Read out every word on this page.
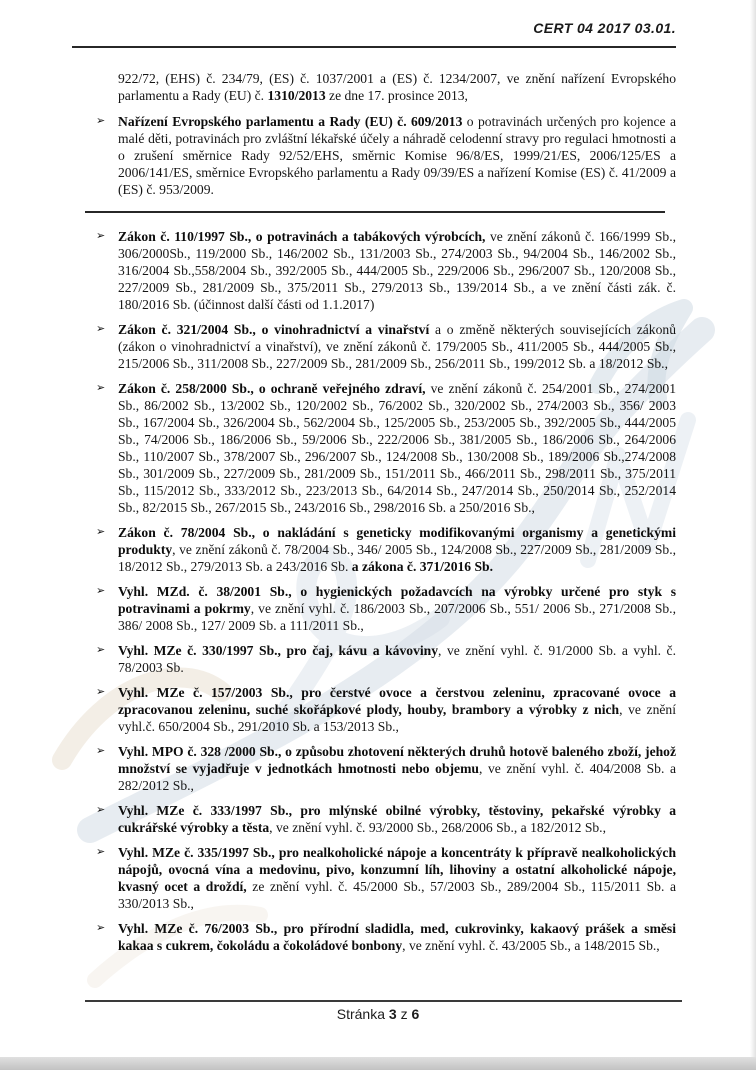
CERT 04 2017 03.01.

922/72, (EHS) č. 234/79, (ES) č. 1037/2001 a (ES) č. 1234/2007, ve znění nařízení Evropského parlamentu a Rady (EU) č. 1310/2013 ze dne 17. prosince 2013,

➢ Nařízení Evropského parlamentu a Rady (EU) č. 609/2013 o potravinách určených pro kojence a malé děti, potravinách pro zvláštní lékařské účely a náhradě celodenní stravy pro regulaci hmotnosti a o zrušení směrnice Rady 92/52/EHS, směrnic Komise 96/8/ES, 1999/21/ES, 2006/125/ES a 2006/141/ES, směrnice Evropského parlamentu a Rady 09/39/ES a nařízení Komise (ES) č. 41/2009 a (ES) č. 953/2009.
➢ Zákon č. 110/1997 Sb., o potravinách a tabákových výrobcích, ve znění zákonů č. 166/1999 Sb., 306/2000Sb., 119/2000 Sb., 146/2002 Sb., 131/2003 Sb., 274/2003 Sb., 94/2004 Sb., 146/2002 Sb., 316/2004 Sb.,558/2004 Sb., 392/2005 Sb., 444/2005 Sb., 229/2006 Sb., 296/2007 Sb., 120/2008 Sb., 227/2009 Sb., 281/2009 Sb., 375/2011 Sb., 279/2013 Sb., 139/2014 Sb., a ve znění části zák. č. 180/2016 Sb. (účinnost další části od 1.1.2017)
➢ Zákon č. 321/2004 Sb., o vinohradnictví a vinařství a o změně některých souvisejících zákonů (zákon o vinohradnictví a vinařství), ve znění zákonů č. 179/2005 Sb., 411/2005 Sb., 444/2005 Sb., 215/2006 Sb., 311/2008 Sb., 227/2009 Sb., 281/2009 Sb., 256/2011 Sb., 199/2012 Sb. a 18/2012 Sb.,
➢ Zákon č. 258/2000 Sb., o ochraně veřejného zdraví, ve znění zákonů č. 254/2001 Sb., 274/2001 Sb., 86/2002 Sb., 13/2002 Sb., 120/2002 Sb., 76/2002 Sb., 320/2002 Sb., 274/2003 Sb., 356/ 2003 Sb., 167/2004 Sb., 326/2004 Sb., 562/2004 Sb., 125/2005 Sb., 253/2005 Sb., 392/2005 Sb., 444/2005 Sb., 74/2006 Sb., 186/2006 Sb., 59/2006 Sb., 222/2006 Sb., 381/2005 Sb., 186/2006 Sb., 264/2006 Sb., 110/2007 Sb., 378/2007 Sb., 296/2007 Sb., 124/2008 Sb., 130/2008 Sb., 189/2006 Sb.,274/2008 Sb., 301/2009 Sb., 227/2009 Sb., 281/2009 Sb., 151/2011 Sb., 466/2011 Sb., 298/2011 Sb., 375/2011 Sb., 115/2012 Sb., 333/2012 Sb., 223/2013 Sb., 64/2014 Sb., 247/2014 Sb., 250/2014 Sb., 252/2014 Sb., 82/2015 Sb., 267/2015 Sb., 243/2016 Sb., 298/2016 Sb. a 250/2016 Sb.,
➢ Zákon č. 78/2004 Sb., o nakládání s geneticky modifikovanými organismy a genetickými produkty, ve znění zákonů č. 78/2004 Sb., 346/ 2005 Sb., 124/2008 Sb., 227/2009 Sb., 281/2009 Sb., 18/2012 Sb., 279/2013 Sb. a 243/2016 Sb. a zákona č. 371/2016 Sb.
➢ Vyhl. MZd. č. 38/2001 Sb., o hygienických požadavcích na výrobky určené pro styk s potravinami a pokrmy, ve znění vyhl. č. 186/2003 Sb., 207/2006 Sb., 551/ 2006 Sb., 271/2008 Sb., 386/ 2008 Sb., 127/ 2009 Sb. a 111/2011 Sb.,
➢ Vyhl. MZe č. 330/1997 Sb., pro čaj, kávu a kávoviny, ve znění vyhl. č. 91/2000 Sb. a vyhl. č. 78/2003 Sb.
➢ Vyhl. MZe č. 157/2003 Sb., pro čerstvé ovoce a čerstvou zeleninu, zpracované ovoce a zpracovanou zeleninu, suché skořápkové plody, houby, brambory a výrobky z nich, ve znění vyhl.č. 650/2004 Sb., 291/2010 Sb. a 153/2013 Sb.,
➢ Vyhl. MPO č. 328 /2000 Sb., o způsobu zhotovení některých druhů hotově baleného zboží, jehož množství se vyjadřuje v jednotkách hmotnosti nebo objemu, ve znění vyhl. č. 404/2008 Sb. a 282/2012 Sb.,
➢ Vyhl. MZe č. 333/1997 Sb., pro mlýnské obilné výrobky, těstoviny, pekařské výrobky a cukrářské výrobky a těsta, ve znění vyhl. č. 93/2000 Sb., 268/2006 Sb., a 182/2012 Sb.,
➢ Vyhl. MZe č. 335/1997 Sb., pro nealkoholické nápoje a koncentráty k přípravě nealkoholických nápojů, ovocná vína a medovinu, pivo, konzumní líh, lihoviny a ostatní alkoholické nápoje, kvasný ocet a droždí, ze znění vyhl. č. 45/2000 Sb., 57/2003 Sb., 289/2004 Sb., 115/2011 Sb. a 330/2013 Sb.,
➢ Vyhl. MZe č. 76/2003 Sb., pro přírodní sladidla, med, cukrovinky, kakaový prášek a směsi kakaa s cukrem, čokoládu a čokoládové bonbony, ve znění vyhl. č. 43/2005 Sb., a 148/2015 Sb.,
Stránka 3 z 6
